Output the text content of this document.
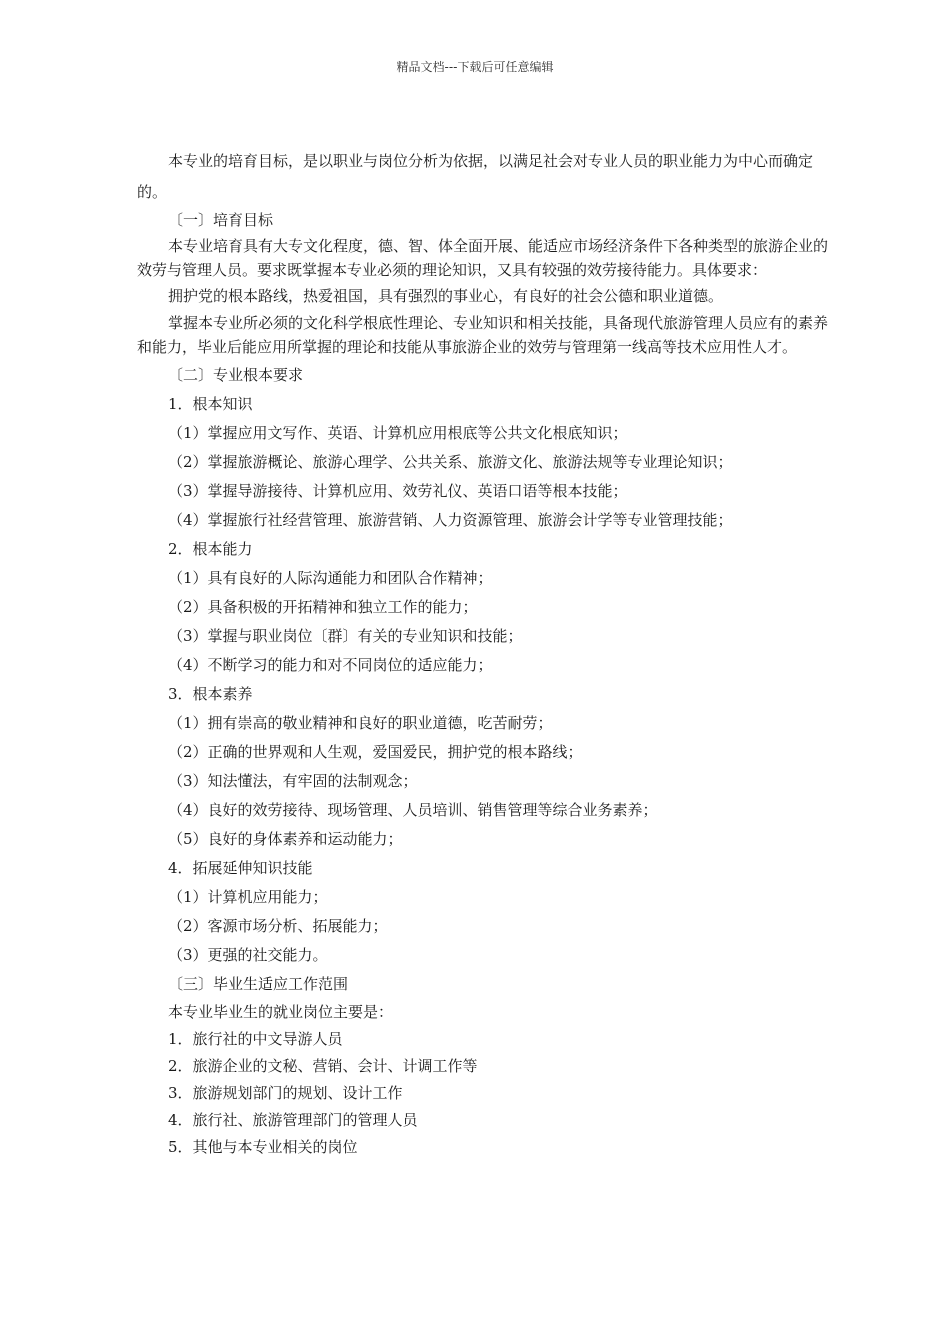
精品文档---下载后可任意编辑

本专业的培育目标，是以职业与岗位分析为依据，以满足社会对专业人员的职业能力为中心而确定的。

〔一〕培育目标

本专业培育具有大专文化程度，德、智、体全面开展、能适应市场经济条件下各种类型的旅游企业的效劳与管理人员。要求既掌握本专业必须的理论知识，又具有较强的效劳接待能力。具体要求：

拥护党的根本路线，热爱祖国，具有强烈的事业心，有良好的社会公德和职业道德。

掌握本专业所必须的文化科学根底性理论、专业知识和相关技能，具备现代旅游管理人员应有的素养和能力，毕业后能应用所掌握的理论和技能从事旅游企业的效劳与管理第一线高等技术应用性人才。

〔二〕专业根本要求
1．根本知识
（1）掌握应用文写作、英语、计算机应用根底等公共文化根底知识；
（2）掌握旅游概论、旅游心理学、公共关系、旅游文化、旅游法规等专业理论知识；
（3）掌握导游接待、计算机应用、效劳礼仪、英语口语等根本技能；
（4）掌握旅行社经营管理、旅游营销、人力资源管理、旅游会计学等专业管理技能；
2．根本能力
（1）具有良好的人际沟通能力和团队合作精神；
（2）具备积极的开拓精神和独立工作的能力；
（3）掌握与职业岗位〔群〕有关的专业知识和技能；
（4）不断学习的能力和对不同岗位的适应能力；
3．根本素养
（1）拥有崇高的敬业精神和良好的职业道德，吃苦耐劳；
（2）正确的世界观和人生观，爱国爱民，拥护党的根本路线；
（3）知法懂法，有牢固的法制观念；
（4）良好的效劳接待、现场管理、人员培训、销售管理等综合业务素养；
（5）良好的身体素养和运动能力；
4．拓展延伸知识技能
（1）计算机应用能力；
（2）客源市场分析、拓展能力；
（3）更强的社交能力。
〔三〕毕业生适应工作范围
本专业毕业生的就业岗位主要是：
1．旅行社的中文导游人员
2．旅游企业的文秘、营销、会计、计调工作等
3．旅游规划部门的规划、设计工作
4．旅行社、旅游管理部门的管理人员
5．其他与本专业相关的岗位
